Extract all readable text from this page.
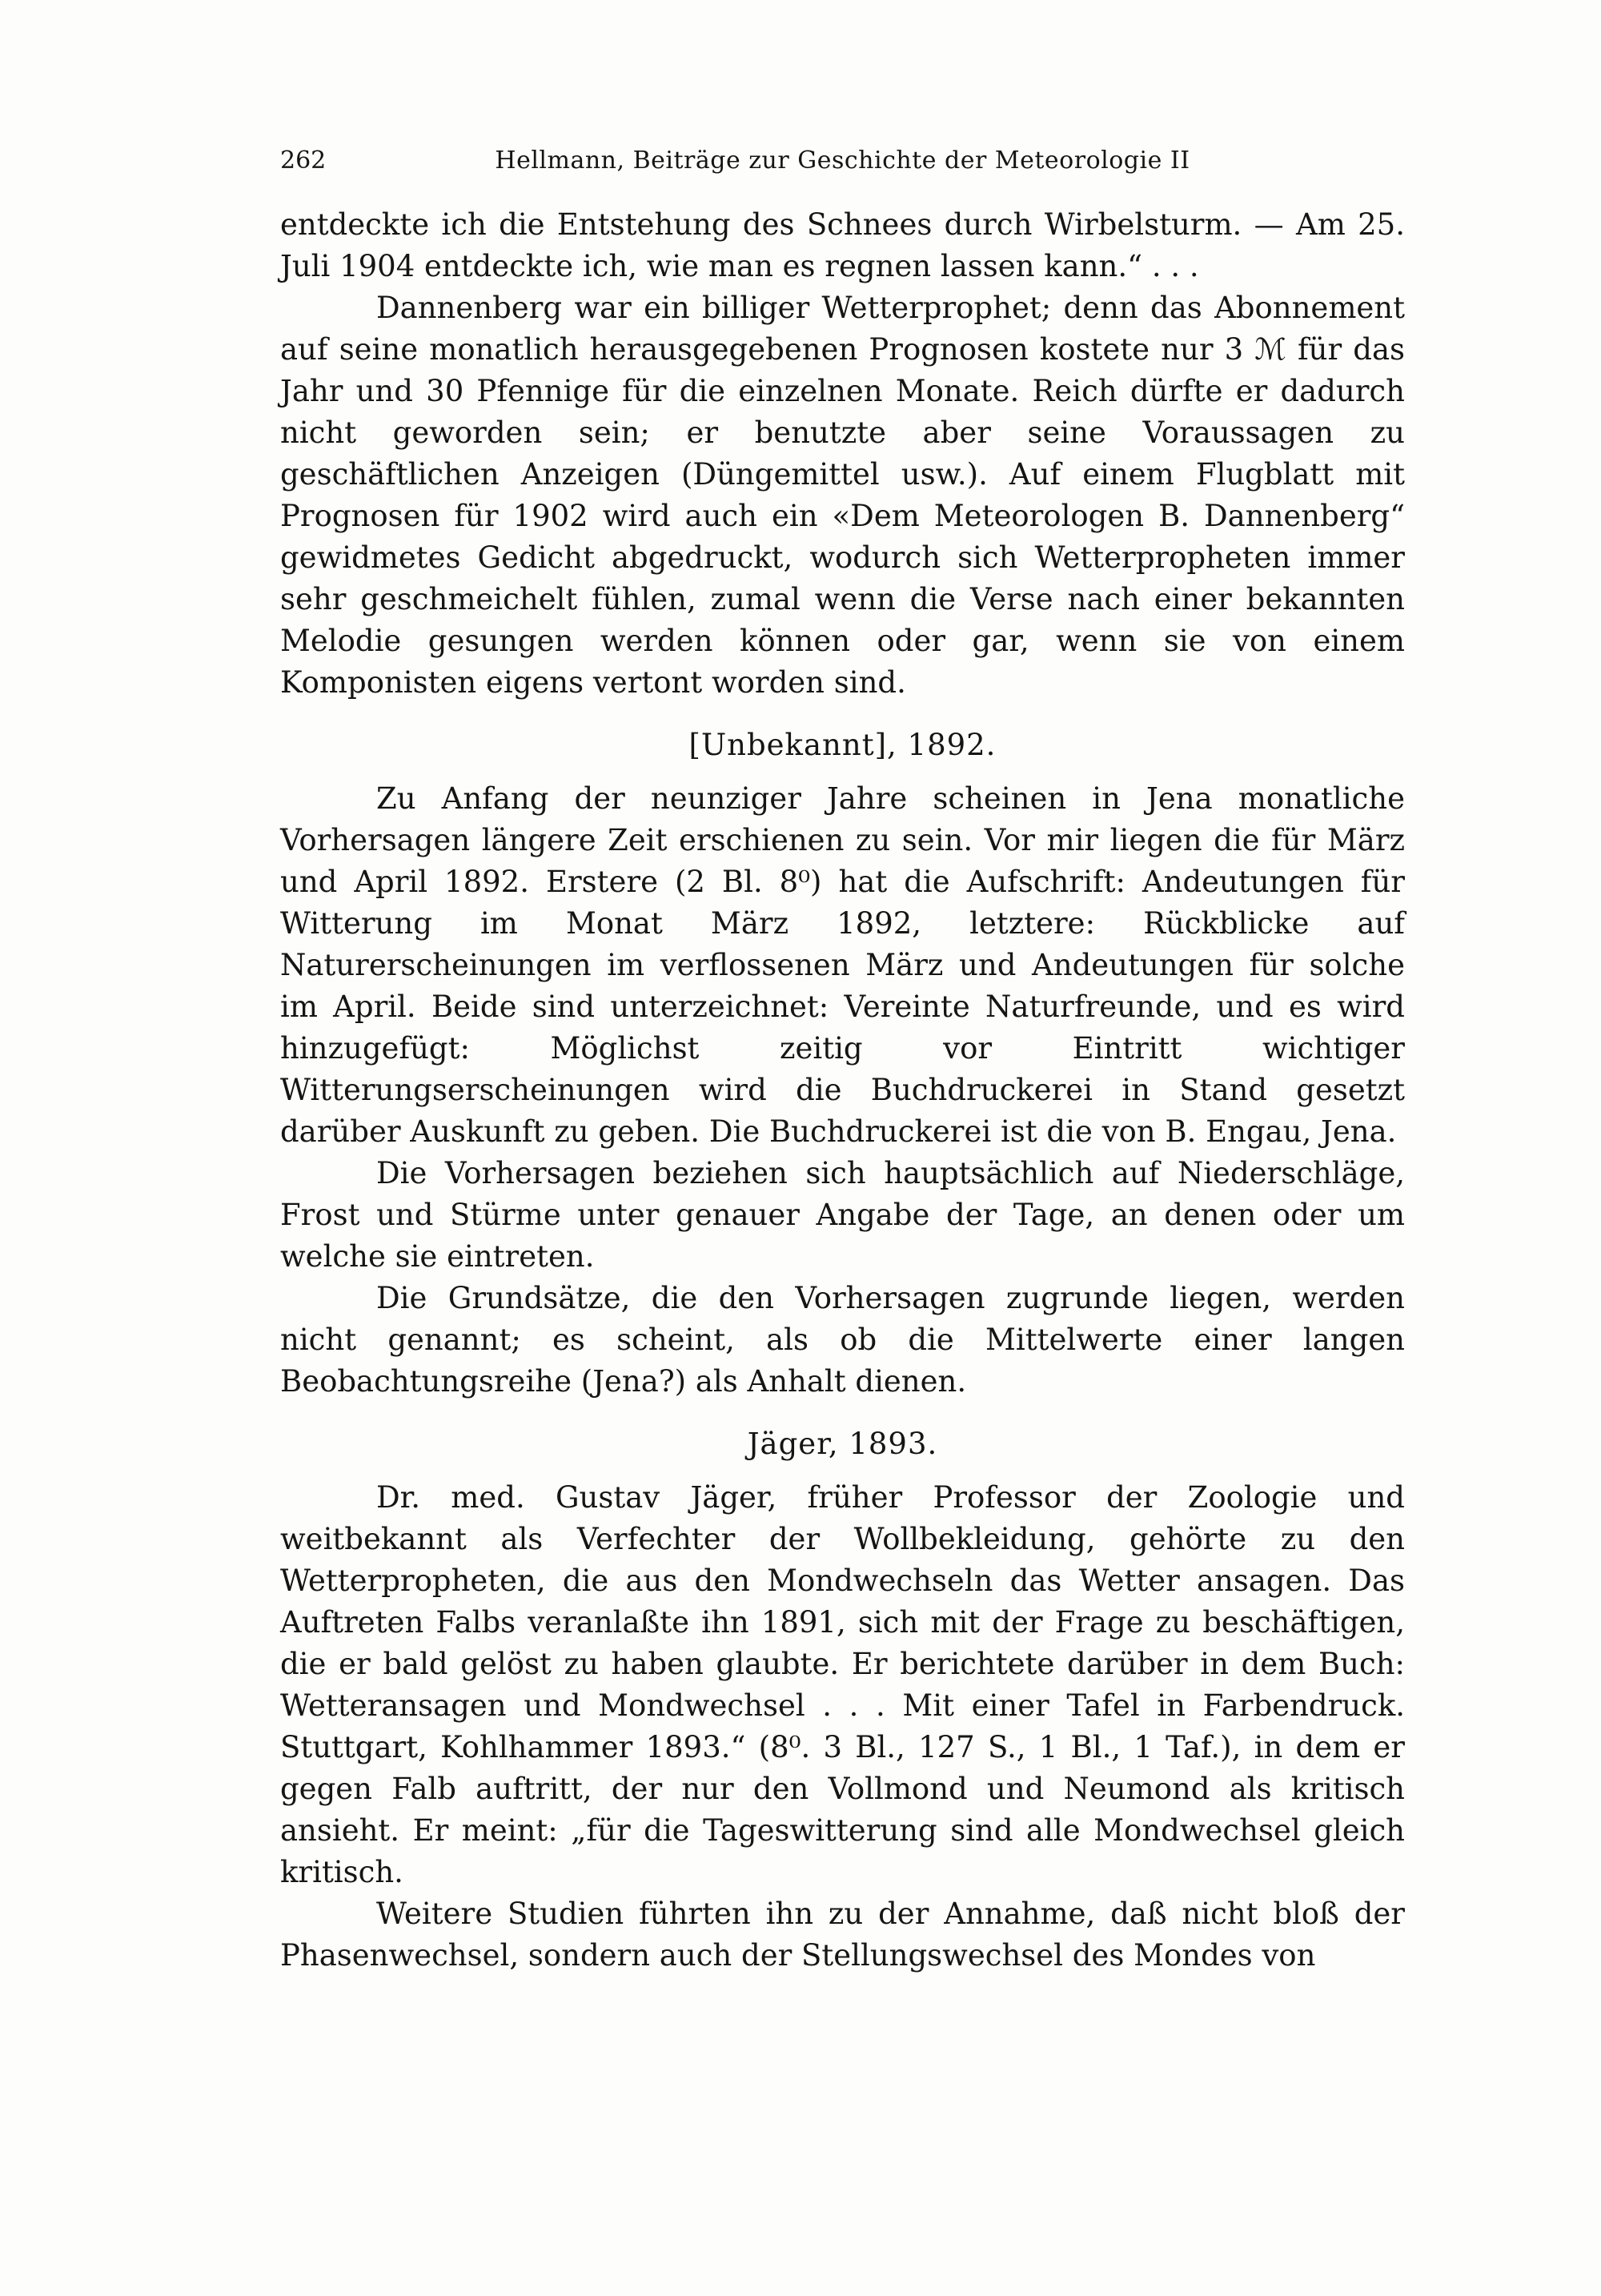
262	Hellmann, Beiträge zur Geschichte der Meteorologie II

entdeckte ich die Entstehung des Schnees durch Wirbelsturm. — Am 25. Juli 1904 entdeckte ich, wie man es regnen lassen kann.“ . . .

Dannenberg war ein billiger Wetterprophet; denn das Abonnement auf seine monatlich herausgegebenen Prognosen kostete nur 3 ℳ für das Jahr und 30 Pfennige für die einzelnen Monate. Reich dürfte er dadurch nicht geworden sein; er benutzte aber seine Voraussagen zu geschäftlichen Anzeigen (Düngemittel usw.). Auf einem Flugblatt mit Prognosen für 1902 wird auch ein «Dem Meteorologen B. Dannenberg“ gewidmetes Gedicht abgedruckt, wodurch sich Wetterpropheten immer sehr geschmeichelt fühlen, zumal wenn die Verse nach einer bekannten Melodie gesungen werden können oder gar, wenn sie von einem Komponisten eigens vertont worden sind.

[Unbekannt], 1892.

Zu Anfang der neunziger Jahre scheinen in Jena monatliche Vorhersagen längere Zeit erschienen zu sein. Vor mir liegen die für März und April 1892. Erstere (2 Bl. 8⁰) hat die Aufschrift: Andeutungen für Witterung im Monat März 1892, letztere: Rückblicke auf Naturerscheinungen im verflossenen März und Andeutungen für solche im April. Beide sind unterzeichnet: Vereinte Naturfreunde, und es wird hinzugefügt: Möglichst zeitig vor Eintritt wichtiger Witterungserscheinungen wird die Buchdruckerei in Stand gesetzt darüber Auskunft zu geben. Die Buchdruckerei ist die von B. Engau, Jena.

Die Vorhersagen beziehen sich hauptsächlich auf Niederschläge, Frost und Stürme unter genauer Angabe der Tage, an denen oder um welche sie eintreten.

Die Grundsätze, die den Vorhersagen zugrunde liegen, werden nicht genannt; es scheint, als ob die Mittelwerte einer langen Beobachtungsreihe (Jena?) als Anhalt dienen.

Jäger, 1893.

Dr. med. Gustav Jäger, früher Professor der Zoologie und weitbekannt als Verfechter der Wollbekleidung, gehörte zu den Wetterpropheten, die aus den Mondwechseln das Wetter ansagen. Das Auftreten Falbs veranlaßte ihn 1891, sich mit der Frage zu beschäftigen, die er bald gelöst zu haben glaubte. Er berichtete darüber in dem Buch: Wetteransagen und Mondwechsel . . . Mit einer Tafel in Farbendruck. Stuttgart, Kohlhammer 1893.“ (8⁰. 3 Bl., 127 S., 1 Bl., 1 Taf.), in dem er gegen Falb auftritt, der nur den Vollmond und Neumond als kritisch ansieht. Er meint: „für die Tageswitterung sind alle Mondwechsel gleich kritisch.

Weitere Studien führten ihn zu der Annahme, daß nicht bloß der Phasenwechsel, sondern auch der Stellungswechsel des Mondes von
